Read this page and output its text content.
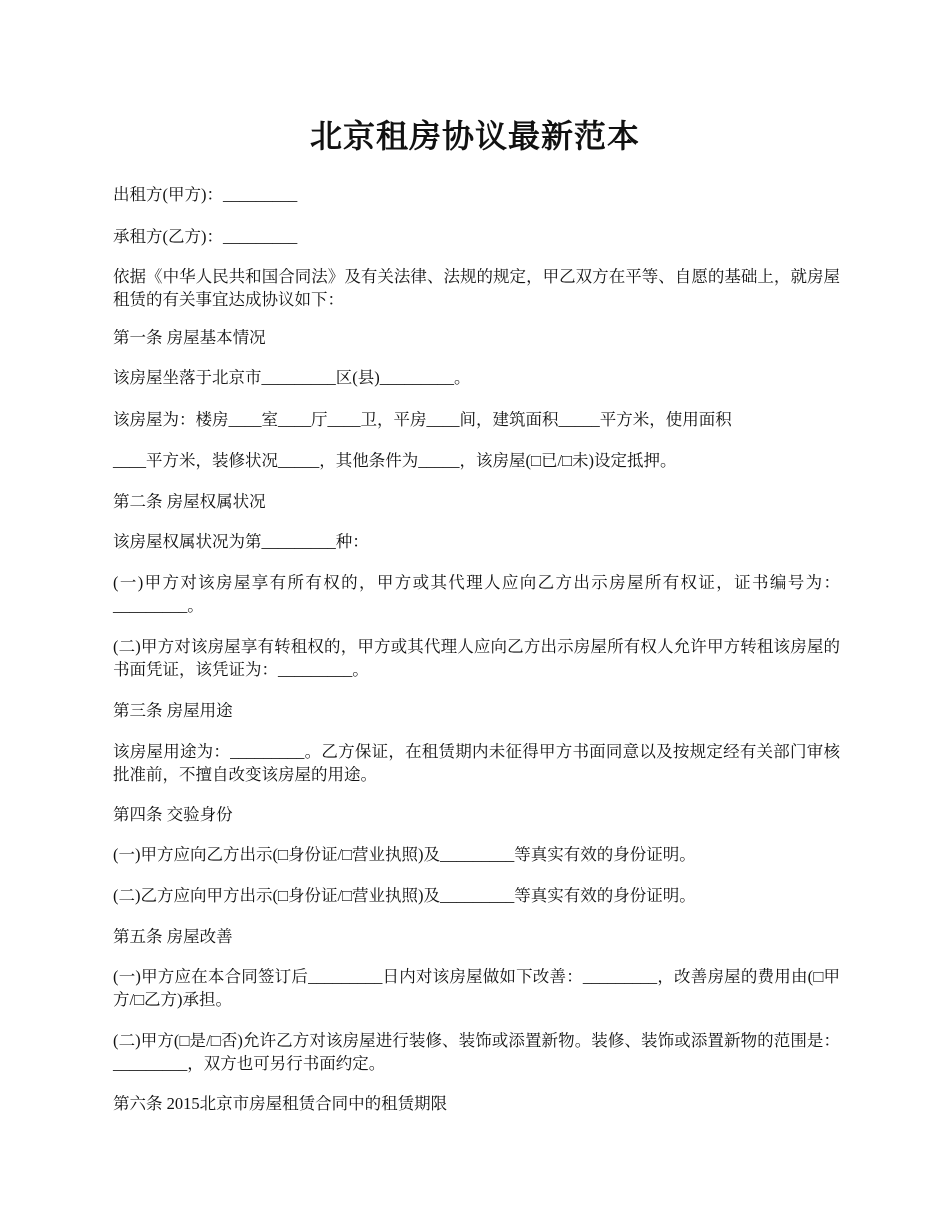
北京租房协议最新范本
出租方(甲方)：_________
承租方(乙方)：_________
依据《中华人民共和国合同法》及有关法律、法规的规定，甲乙双方在平等、自愿的基础上，就房屋租赁的有关事宜达成协议如下：
第一条 房屋基本情况
该房屋坐落于北京市_________区(县)_________。
该房屋为：楼房____室____厅____卫，平房____间，建筑面积_____平方米，使用面积
____平方米，装修状况_____，其他条件为_____，该房屋(□已/□未)设定抵押。
第二条 房屋权属状况
该房屋权属状况为第_________种：
(一)甲方对该房屋享有所有权的，甲方或其代理人应向乙方出示房屋所有权证，证书编号为：_________。
(二)甲方对该房屋享有转租权的，甲方或其代理人应向乙方出示房屋所有权人允许甲方转租该房屋的书面凭证，该凭证为：_________。
第三条 房屋用途
该房屋用途为：_________。乙方保证，在租赁期内未征得甲方书面同意以及按规定经有关部门审核批准前，不擅自改变该房屋的用途。
第四条 交验身份
(一)甲方应向乙方出示(□身份证/□营业执照)及_________等真实有效的身份证明。
(二)乙方应向甲方出示(□身份证/□营业执照)及_________等真实有效的身份证明。
第五条 房屋改善
(一)甲方应在本合同签订后_________日内对该房屋做如下改善：_________，改善房屋的费用由(□甲方/□乙方)承担。
(二)甲方(□是/□否)允许乙方对该房屋进行装修、装饰或添置新物。装修、装饰或添置新物的范围是：_________，双方也可另行书面约定。
第六条 2015北京市房屋租赁合同中的租赁期限
